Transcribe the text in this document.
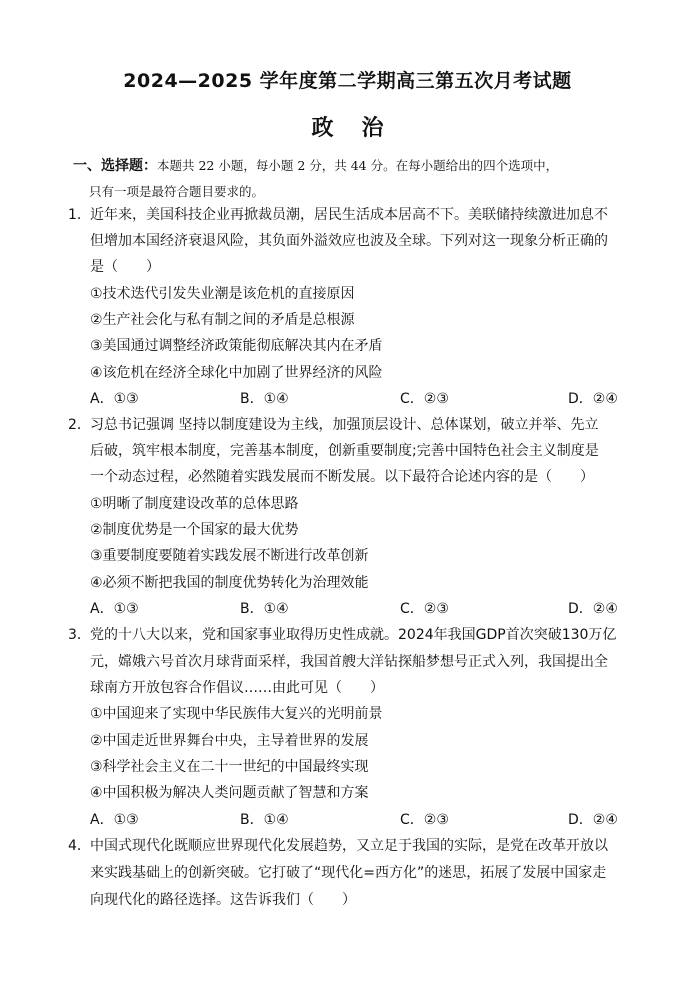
2024—2025 学年度第二学期高三第五次月考试题
政治
一、选择题：本题共 22 小题，每小题 2 分，共 44 分。在每小题给出的四个选项中，
只有一项是最符合题目要求的。
1． 近年来，美国科技企业再掀裁员潮，居民生活成本居高不下。美联储持续激进加息不
但增加本国经济衰退风险，其负面外溢效应也波及全球。下列对这一现象分析正确的
是（　　）
①技术迭代引发失业潮是该危机的直接原因
②生产社会化与私有制之间的矛盾是总根源
③美国通过调整经济政策能彻底解决其内在矛盾
④该危机在经济全球化中加剧了世界经济的风险
A．①③	B．①④	C．②③	D．②④
2． 习总书记强调 坚持以制度建设为主线，加强顶层设计、总体谋划，破立并举、先立
后破，筑牢根本制度，完善基本制度，创新重要制度;完善中国特色社会主义制度是
一个动态过程，必然随着实践发展而不断发展。以下最符合论述内容的是（　　）
①明晰了制度建设改革的总体思路
②制度优势是一个国家的最大优势
③重要制度要随着实践发展不断进行改革创新
④必须不断把我国的制度优势转化为治理效能
A．①③	B．①④	C．②③	D．②④
3． 党的十八大以来，党和国家事业取得历史性成就。2024年我国GDP首次突破130万亿
元，嫦娥六号首次月球背面采样，我国首艘大洋钻探船梦想号正式入列，我国提出全
球南方开放包容合作倡议……由此可见（　　）
①中国迎来了实现中华民族伟大复兴的光明前景
②中国走近世界舞台中央，主导着世界的发展
③科学社会主义在二十一世纪的中国最终实现
④中国积极为解决人类问题贡献了智慧和方案
A．①③	B．①④	C．②③	D．②④
4． 中国式现代化既顺应世界现代化发展趋势，又立足于我国的实际，是党在改革开放以
来实践基础上的创新突破。它打破了“现代化=西方化”的迷思，拓展了发展中国家走
向现代化的路径选择。这告诉我们（　　）
